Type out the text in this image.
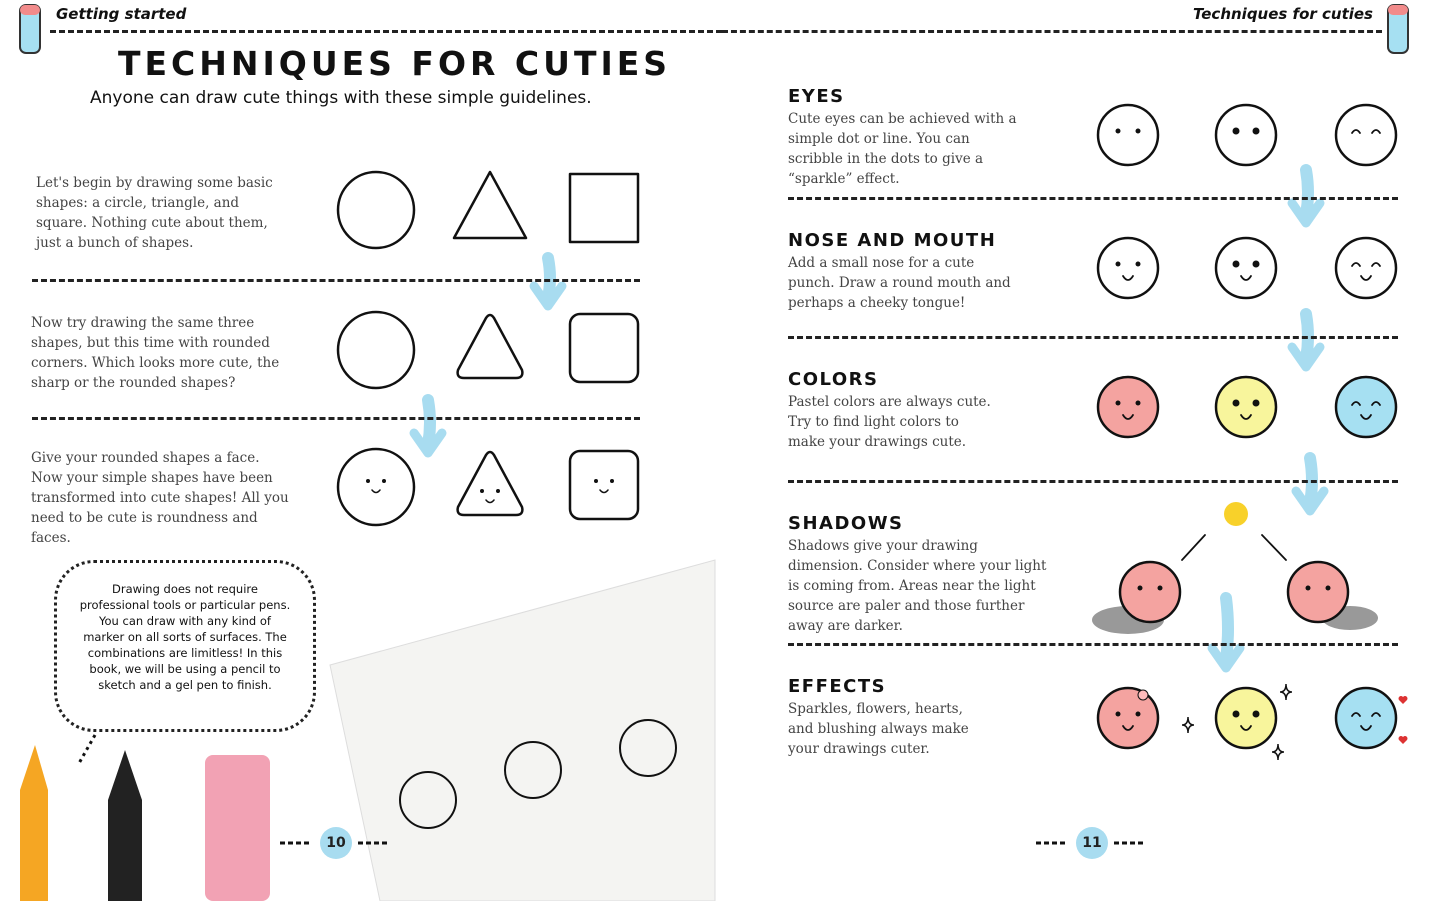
Getting started	Techniques for cuties
TECHNIQUES FOR CUTIES
Anyone can draw cute things with these simple guidelines.
Let's begin by drawing some basic shapes: a circle, triangle, and square. Nothing cute about them, just a bunch of shapes.
Now try drawing the same three shapes, but this time with rounded corners. Which looks more cute, the sharp or the rounded shapes?
Give your rounded shapes a face. Now your simple shapes have been transformed into cute shapes! All you need to be cute is roundness and faces.
Drawing does not require professional tools or particular pens. You can draw with any kind of marker on all sorts of surfaces. The combinations are limitless! In this book, we will be using a pencil to sketch and a gel pen to finish.
10	11
EYES
Cute eyes can be achieved with a simple dot or line. You can scribble in the dots to give a “sparkle” effect.
NOSE AND MOUTH
Add a small nose for a cute punch. Draw a round mouth and perhaps a cheeky tongue!
COLORS
Pastel colors are always cute. Try to find light colors to make your drawings cute.
SHADOWS
Shadows give your drawing dimension. Consider where your light is coming from. Areas near the light source are paler and those further away are darker.
EFFECTS
Sparkles, flowers, hearts, and blushing always make your drawings cuter.
